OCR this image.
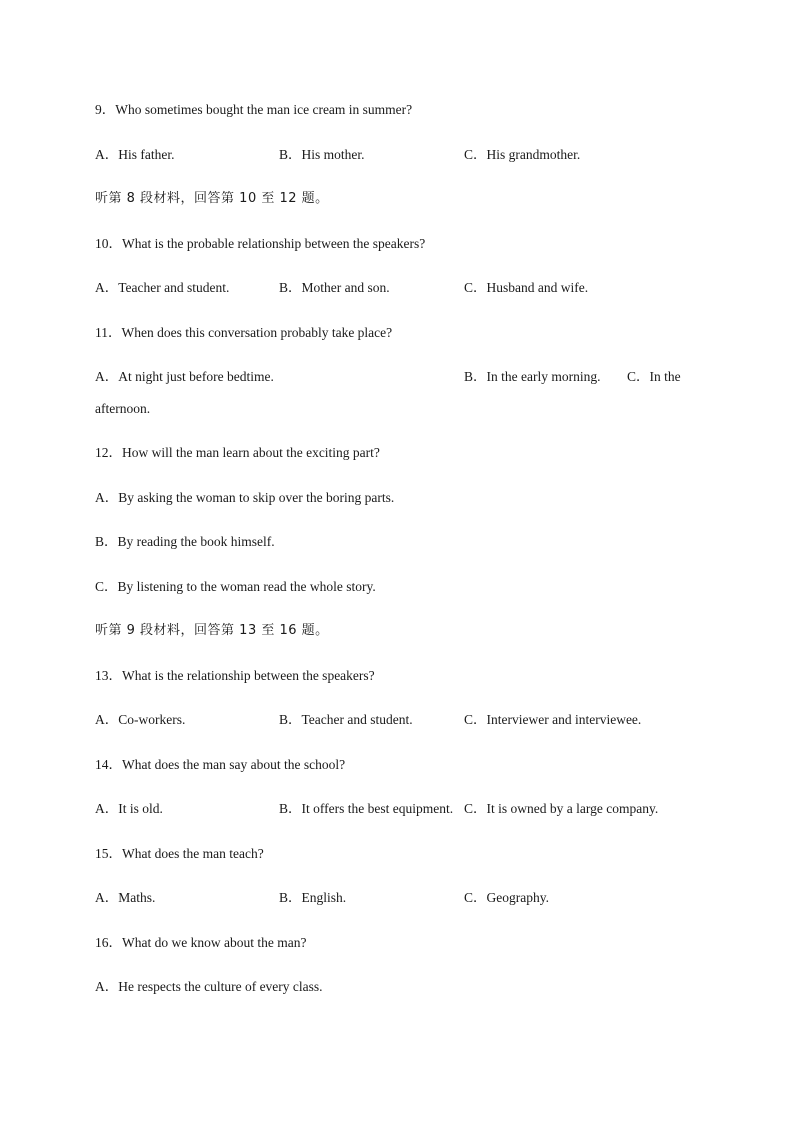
9．Who sometimes bought the man ice cream in summer?
A．His father.	B．His mother.	C．His grandmother.
听第 8 段材料，回答第 10 至 12 题。
10．What is the probable relationship between the speakers?
A．Teacher and student.	B．Mother and son.	C．Husband and wife.
11．When does this conversation probably take place?
A．At night just before bedtime.	B．In the early morning. C．In the
afternoon.
12．How will the man learn about the exciting part?
A．By asking the woman to skip over the boring parts.
B．By reading the book himself.
C．By listening to the woman read the whole story.
听第 9 段材料，回答第 13 至 16 题。
13．What is the relationship between the speakers?
A．Co-workers.	B．Teacher and student.	C．Interviewer and interviewee.
14．What does the man say about the school?
A．It is old.	B．It offers the best equipment. C．It is owned by a large company.
15．What does the man teach?
A．Maths.	B．English.	C．Geography.
16．What do we know about the man?
A．He respects the culture of every class.
